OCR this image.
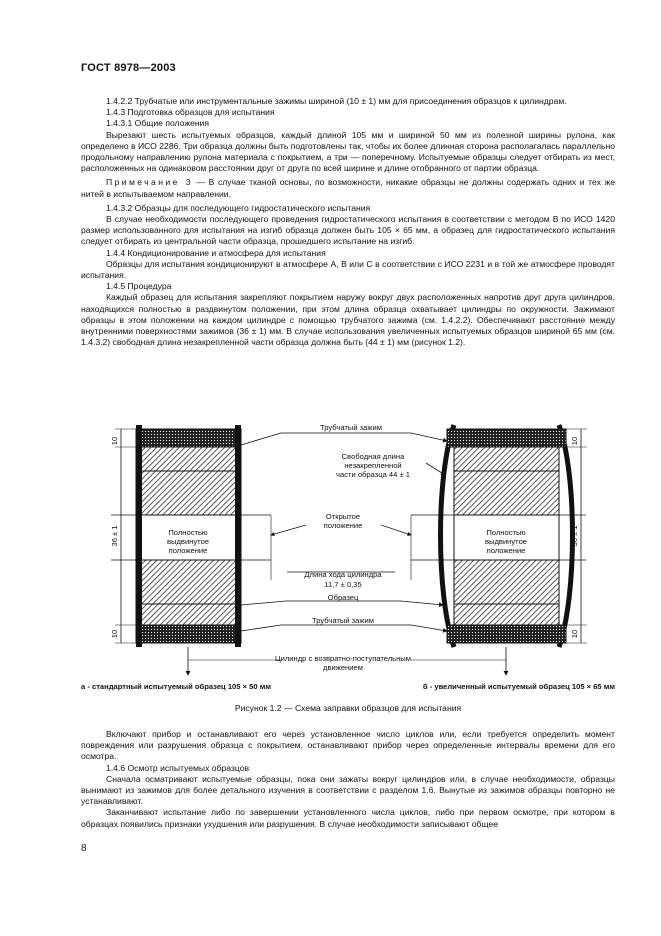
ГОСТ 8978—2003

1.4.2.2 Трубчатые или инструментальные зажимы шириной (10 ± 1) мм для присоединения образцов к цилиндрам.

1.4.3 Подготовка образцов для испытания

1.4.3.1 Общие положения

Вырезают шесть испытуемых образцов, каждый длиной 105 мм и шириной 50 мм из полезной ширины рулона, как определено в ИСО 2286. Три образца должны быть подготовлены так, чтобы их более длинная сторона располагалась параллельно продольному направлению рулона материала с покрытием, а три — поперечному. Испытуемые образцы следует отбирать из мест, расположенных на одинаковом расстоянии друг от друга по всей ширине и длине отобранного от партии образца.

Примечание 3 — В случае тканой основы, по возможности, никакие образцы не должны содержать одних и тех же нитей в испытываемом направлении.

1.4.3.2 Образцы для последующего гидростатического испытания

В случае необходимости последующего проведения гидростатического испытания в соответствии с методом В по ИСО 1420 размер использованного для испытания на изгиб образца должен быть 105 × 65 мм, а образец для гидростатического испытания следует отбирать из центральной части образца, прошедшего испытание на изгиб.

1.4.4 Кондиционирование и атмосфера для испытания

Образцы для испытания кондиционируют в атмосфере А, В или С в соответствии с ИСО 2231 и в той же атмосфере проводят испытания.

1.4.5 Процедура

Каждый образец для испытания закрепляют покрытием наружу вокруг двух расположенных напротив друг друга цилиндров, находящихся полностью в раздвинутом положении, при этом длина образца охватывает цилиндры по окружности. Зажимают образцы в этом положении на каждом цилиндре с помощью трубчатого зажима (см. 1.4.2.2). Обеспечивают расстояние между внутренними поверхностями зажимов (36 ± 1) мм. В случае использования увеличенных испытуемых образцов шириной 65 мм (см. 1.4.3.2) свободная длина незакрепленной части образца должна быть (44 ± 1) мм (рисунок 1.2).

10
36 ± 1
10
10
36 ± 1
10
Трубчатый зажим
Свободная длина
незакрепленной
части образца 44 ± 1
Открытое
положение
Полностью
выдвинутое
положение
Полностью
выдвинутое
положение
Длина хода цилиндра
11,7 ± 0,35
Образец
Трубчатый зажим
Цилиндр с возвратно-поступательным
движением
а - стандартный испытуемый образец 105 × 50 мм	б - увеличенный испытуемый образец 105 × 65 мм
Рисунок 1.2 — Схема заправки образцов для испытания

Включают прибор и останавливают его через установленное число циклов или, если требуется определить момент повреждения или разрушения образца с покрытием, останавливают прибор через определенные интервалы времени для его осмотра.

1.4.6 Осмотр испытуемых образцов

Сначала осматривают испытуемые образцы, пока они зажаты вокруг цилиндров или, в случае необходимости, образцы вынимают из зажимов для более детального изучения в соответствии с разделом 1.6. Вынутые из зажимов образцы повторно не устанавливают.

Заканчивают испытание либо по завершении установленного числа циклов, либо при первом осмотре, при котором в образцах появились признаки ухудшения или разрушения. В случае необходимости записывают общее

8
